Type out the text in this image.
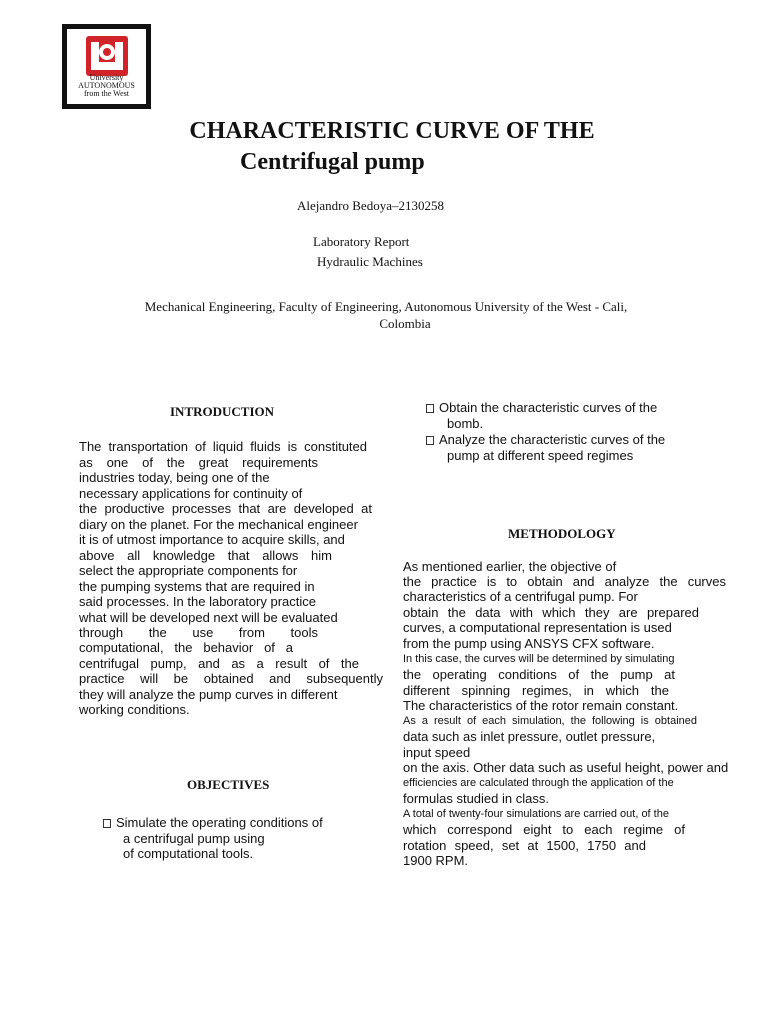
University
AUTONOMOUS
from the West
CHARACTERISTIC CURVE OF THE
Centrifugal pump
Alejandro Bedoya–2130258
Laboratory Report
Hydraulic Machines
Mechanical Engineering, Faculty of Engineering, Autonomous University of the West - Cali,
Colombia
INTRODUCTION
The transportation of liquid fluids is constituted
as one of the great requirements
industries today, being one of the
necessary applications for continuity of
the productive processes that are developed at
diary on the planet. For the mechanical engineer
it is of utmost importance to acquire skills, and
above all knowledge that allows him
select the appropriate components for
the pumping systems that are required in
said processes. In the laboratory practice
what will be developed next will be evaluated
through the use from tools
computational, the behavior of a
centrifugal pump, and as a result of the
practice will be obtained and subsequently
they will analyze the pump curves in different
working conditions.
OBJECTIVES
Simulate the operating conditions of
a centrifugal pump using
of computational tools.
Obtain the characteristic curves of the
bomb.
Analyze the characteristic curves of the
pump at different speed regimes
METHODOLOGY
As mentioned earlier, the objective of
the practice is to obtain and analyze the curves
characteristics of a centrifugal pump. For
obtain the data with which they are prepared
curves, a computational representation is used
from the pump using ANSYS CFX software.
In this case, the curves will be determined by simulating
the operating conditions of the pump at
different spinning regimes, in which the
The characteristics of the rotor remain constant.
As a result of each simulation, the following is obtained
data such as inlet pressure, outlet pressure,
input speed
on the axis. Other data such as useful height, power and
efficiencies are calculated through the application of the
formulas studied in class.
A total of twenty-four simulations are carried out, of the
which correspond eight to each regime of
rotation speed, set at 1500, 1750 and
1900 RPM.
